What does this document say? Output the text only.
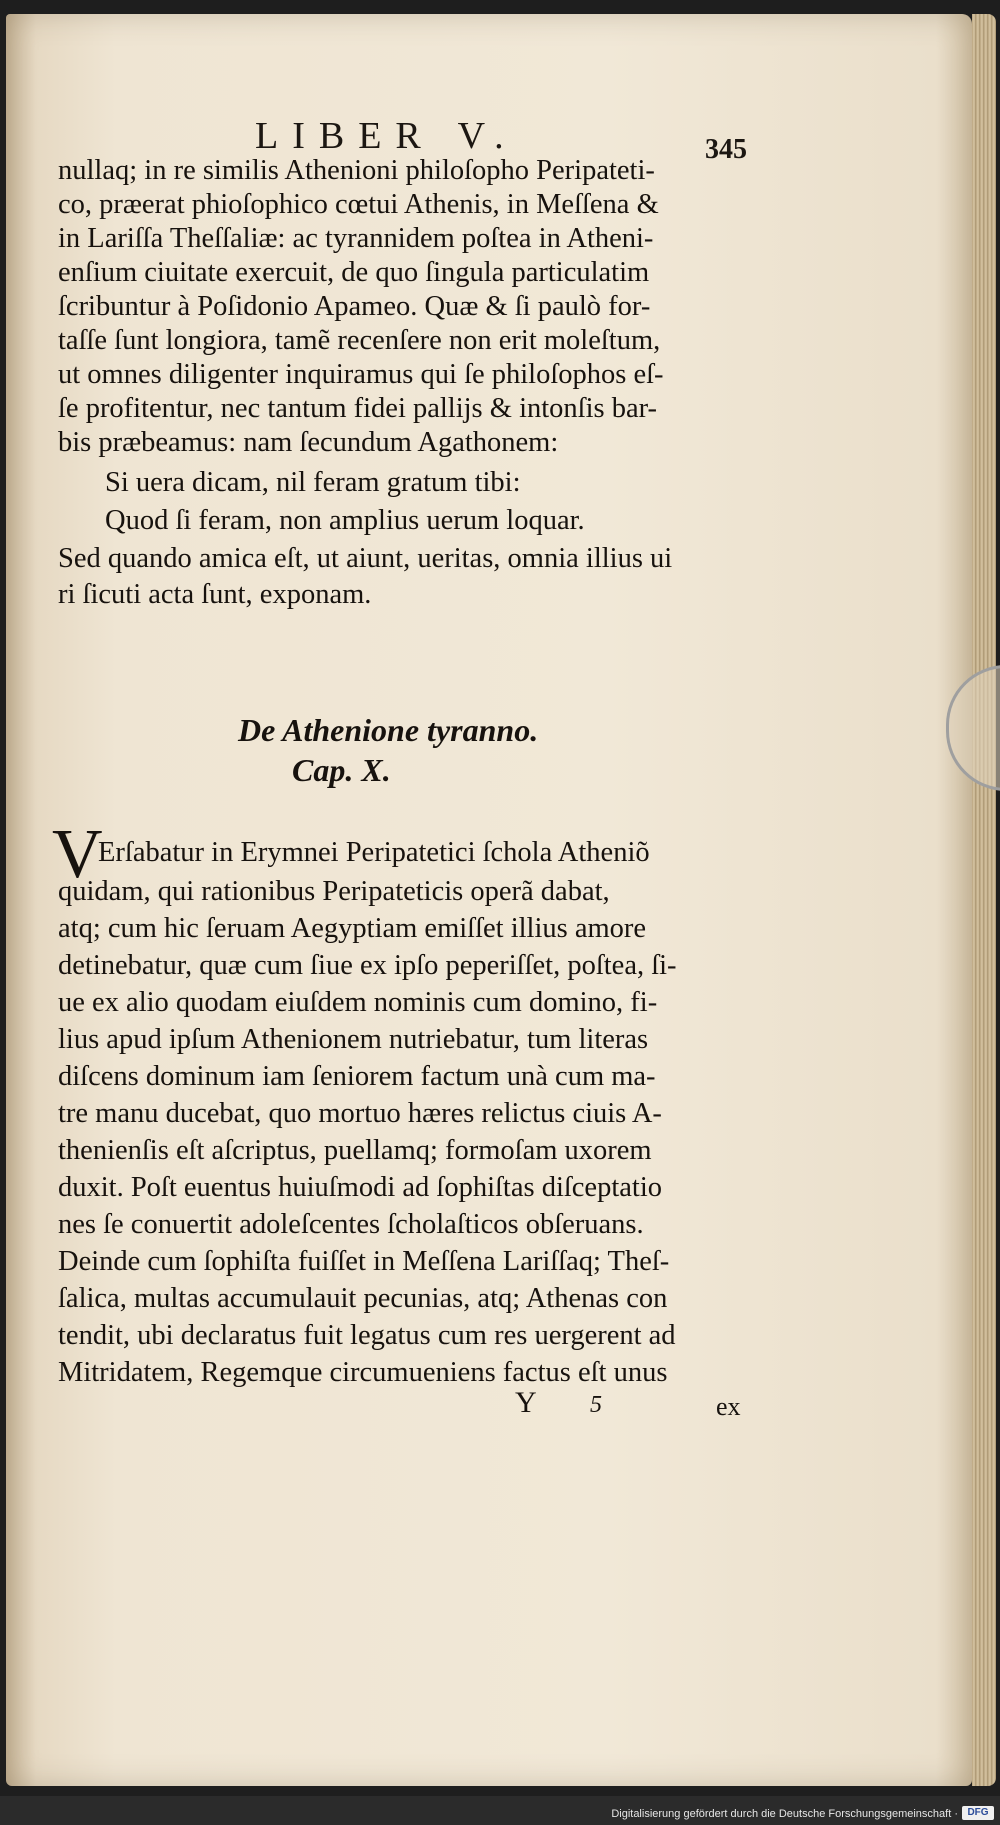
LIBER V.	345
nullaq; in re similis Athenioni philoſopho Peripateti-
co, præerat phioſophico cœtui Athenis, in Meſſena &
in Lariſſa Theſſaliæ: ac tyrannidem poſtea in Atheni-
enſium ciuitate exercuit, de quo ſingula particulatim
ſcribuntur à Poſidonio Apameo. Quæ & ſi paulò for-
taſſe ſunt longiora, tamẽ recenſere non erit moleſtum,
ut omnes diligenter inquiramus qui ſe philoſophos eſ-
ſe profitentur, nec tantum fidei pallijs & intonſis bar-
bis præbeamus: nam ſecundum Agathonem:
Si uera dicam, nil feram gratum tibi:
Quod ſi feram, non amplius uerum loquar.
Sed quando amica eſt, ut aiunt, ueritas, omnia illius ui
ri ſicuti acta ſunt, exponam.
De Athenione tyranno.
Cap. X.
V
Erſabatur in Erymnei Peripatetici ſchola Atheniõ
quidam, qui rationibus Peripateticis operã dabat,
atq; cum hic ſeruam Aegyptiam emiſſet illius amore
detinebatur, quæ cum ſiue ex ipſo peperiſſet, poſtea, ſi-
ue ex alio quodam eiuſdem nominis cum domino, fi-
lius apud ipſum Athenionem nutriebatur, tum literas
diſcens dominum iam ſeniorem factum unà cum ma-
tre manu ducebat, quo mortuo hæres relictus ciuis A-
thenienſis eſt aſcriptus, puellamq; formoſam uxorem
duxit. Poſt euentus huiuſmodi ad ſophiſtas diſceptatio
nes ſe conuertit adoleſcentes ſcholaſticos obſeruans.
Deinde cum ſophiſta fuiſſet in Meſſena Lariſſaq; Theſ-
ſalica, multas accumulauit pecunias, atq; Athenas con
tendit, ubi declaratus fuit legatus cum res uergerent ad
Mitridatem, Regemque circumueniens factus eſt unus
Y 5	ex
Digitalisierung gefördert durch die Deutsche Forschungsgemeinschaft · DFG
